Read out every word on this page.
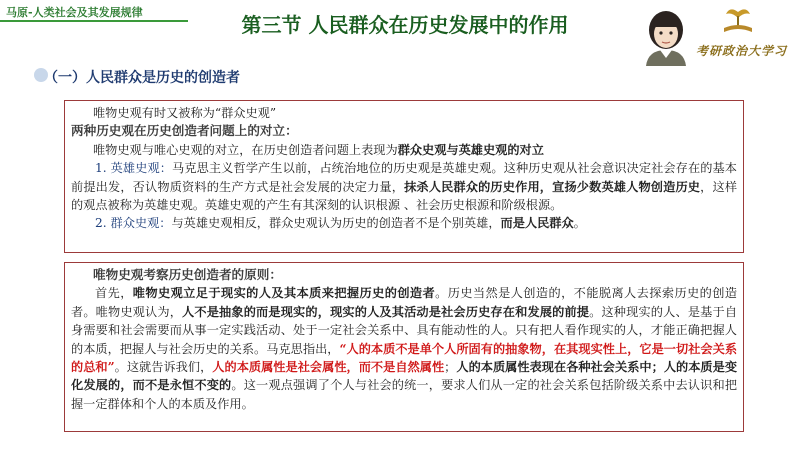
马原-人类社会及其发展规律
第三节 人民群众在历史发展中的作用
考研政治大学习
（一）人民群众是历史的创造者
唯物史观有时又被称为“群众史观”
两种历史观在历史创造者问题上的对立：
唯物史观与唯心史观的对立，在历史创造者问题上表现为群众史观与英雄史观的对立
1. 英雄史观：马克思主义哲学产生以前，占统治地位的历史观是英雄史观。这种历史观从社会意识决定社会存在的基本前提出发，否认物质资料的生产方式是社会发展的决定力量，抹杀人民群众的历史作用，宣扬少数英雄人物创造历史，这样的观点被称为英雄史观。英雄史观的产生有其深刻的认识根源 、社会历史根源和阶级根源。
2. 群众史观：与英雄史观相反，群众史观认为历史的创造者不是个别英雄，而是人民群众。
唯物史观考察历史创造者的原则：
首先，唯物史观立足于现实的人及其本质来把握历史的创造者。历史当然是人创造的，不能脱离人去探索历史的创造者。唯物史观认为，人不是抽象的而是现实的，现实的人及其活动是社会历史存在和发展的前提。这种现实的人、是基于自身需要和社会需要而从事一定实践活动、处于一定社会关系中、具有能动性的人。只有把人看作现实的人，才能正确把握人的本质，把握人与社会历史的关系。马克思指出，“人的本质不是单个人所固有的抽象物，在其现实性上，它是一切社会关系的总和”。这就告诉我们，人的本质属性是社会属性，而不是自然属性；人的本质属性表现在各种社会关系中；人的本质是变化发展的，而不是永恒不变的。这一观点强调了个人与社会的统一，要求人们从一定的社会关系包括阶级关系中去认识和把握一定群体和个人的本质及作用。
